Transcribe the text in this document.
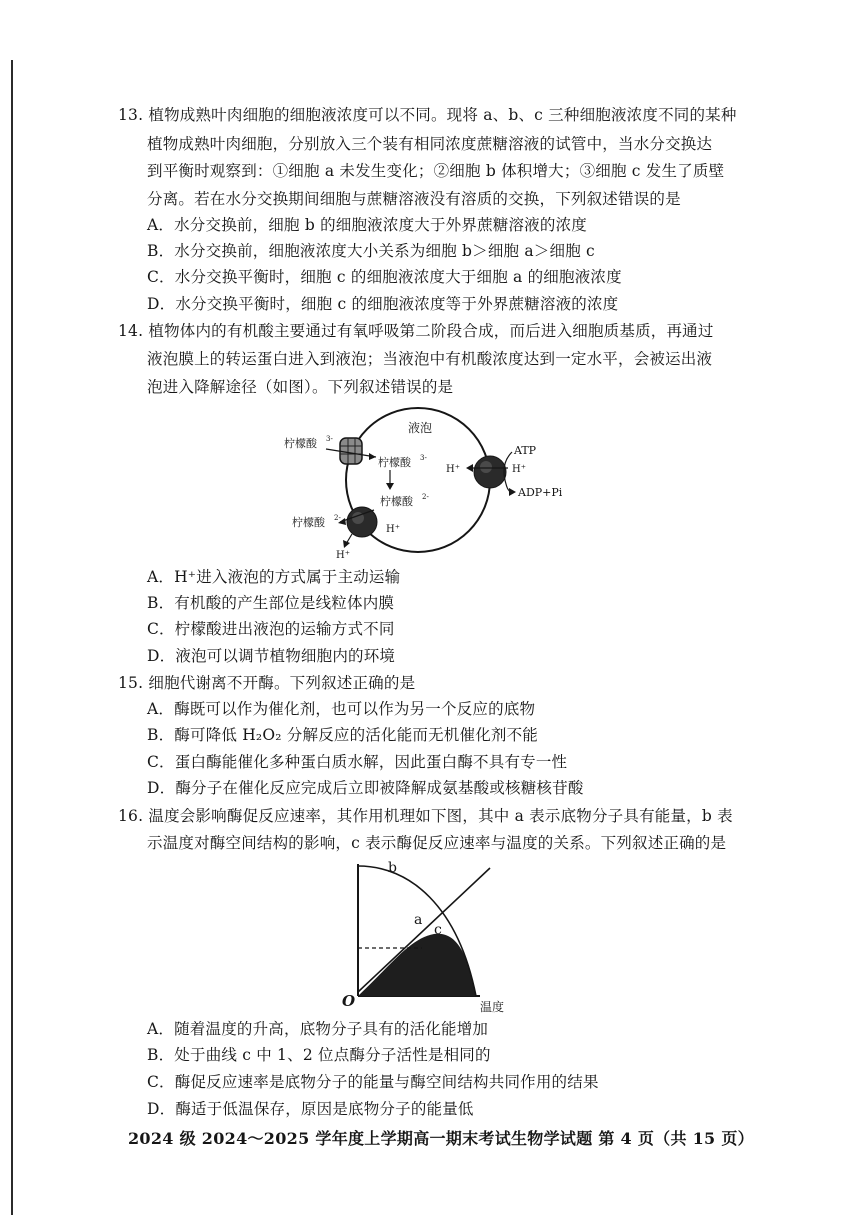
13. 植物成熟叶肉细胞的细胞液浓度可以不同。现将 a、b、c 三种细胞液浓度不同的某种
植物成熟叶肉细胞，分别放入三个装有相同浓度蔗糖溶液的试管中，当水分交换达
到平衡时观察到：①细胞 a 未发生变化；②细胞 b 体积增大；③细胞 c 发生了质壁
分离。若在水分交换期间细胞与蔗糖溶液没有溶质的交换，下列叙述错误的是
A．水分交换前，细胞 b 的细胞液浓度大于外界蔗糖溶液的浓度
B．水分交换前，细胞液浓度大小关系为细胞 b＞细胞 a＞细胞 c
C．水分交换平衡时，细胞 c 的细胞液浓度大于细胞 a 的细胞液浓度
D．水分交换平衡时，细胞 c 的细胞液浓度等于外界蔗糖溶液的浓度
14. 植物体内的有机酸主要通过有氧呼吸第二阶段合成，而后进入细胞质基质，再通过
液泡膜上的转运蛋白进入到液泡；当液泡中有机酸浓度达到一定水平，会被运出液
泡进入降解途径（如图）。下列叙述错误的是
液泡
柠檬酸 3-
柠檬酸 3-
柠檬酸 2-
柠檬酸 2-
H⁺
H⁺
H⁺	H⁺
ATP
ADP+Pi
A．H⁺进入液泡的方式属于主动运输
B．有机酸的产生部位是线粒体内膜
C．柠檬酸进出液泡的运输方式不同
D．液泡可以调节植物细胞内的环境
15. 细胞代谢离不开酶。下列叙述正确的是
A．酶既可以作为催化剂，也可以作为另一个反应的底物
B．酶可降低 H₂O₂ 分解反应的活化能而无机催化剂不能
C．蛋白酶能催化多种蛋白质水解，因此蛋白酶不具有专一性
D．酶分子在催化反应完成后立即被降解成氨基酸或核糖核苷酸
16. 温度会影响酶促反应速率，其作用机理如下图，其中 a 表示底物分子具有能量，b 表
示温度对酶空间结构的影响，c 表示酶促反应速率与温度的关系。下列叙述正确的是
b
a
c
O	温度
A．随着温度的升高，底物分子具有的活化能增加
B．处于曲线 c 中 1、2 位点酶分子活性是相同的
C．酶促反应速率是底物分子的能量与酶空间结构共同作用的结果
D．酶适于低温保存，原因是底物分子的能量低
2024 级 2024～2025 学年度上学期高一期末考试生物学试题 第 4 页（共 15 页）
